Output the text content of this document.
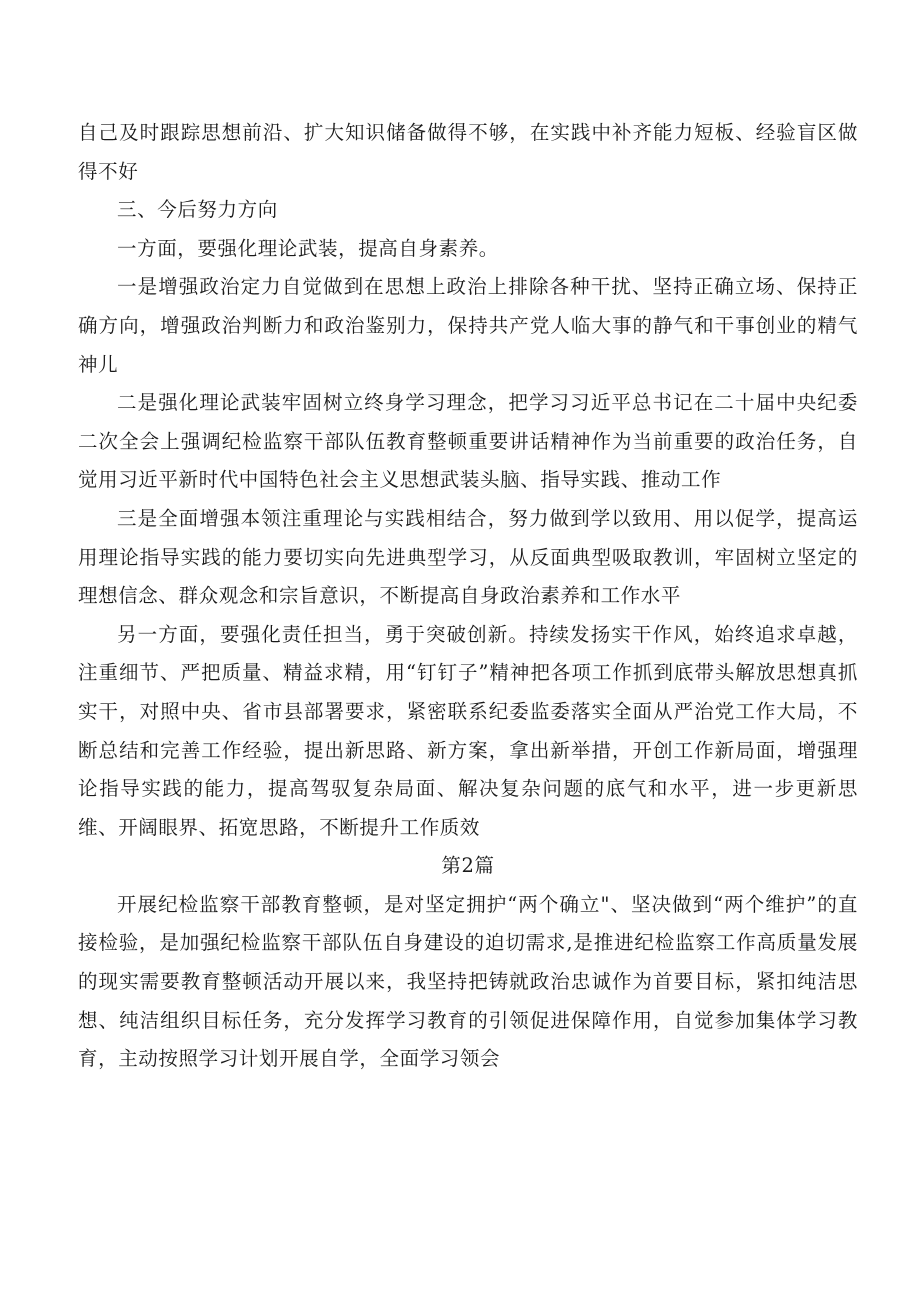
自己及时跟踪思想前沿、扩大知识储备做得不够，在实践中补齐能力短板、经验盲区做得不好

三、今后努力方向

一方面，要强化理论武装，提高自身素养。

一是增强政治定力自觉做到在思想上政治上排除各种干扰、坚持正确立场、保持正确方向，增强政治判断力和政治鉴别力，保持共产党人临大事的静气和干事创业的精气神儿

二是强化理论武装牢固树立终身学习理念，把学习习近平总书记在二十届中央纪委二次全会上强调纪检监察干部队伍教育整顿重要讲话精神作为当前重要的政治任务，自觉用习近平新时代中国特色社会主义思想武装头脑、指导实践、推动工作

三是全面增强本领注重理论与实践相结合，努力做到学以致用、用以促学，提高运用理论指导实践的能力要切实向先进典型学习，从反面典型吸取教训，牢固树立坚定的理想信念、群众观念和宗旨意识，不断提高自身政治素养和工作水平

另一方面，要强化责任担当，勇于突破创新。持续发扬实干作风，始终追求卓越，注重细节、严把质量、精益求精，用“钉钉子”精神把各项工作抓到底带头解放思想真抓实干，对照中央、省市县部署要求，紧密联系纪委监委落实全面从严治党工作大局，不断总结和完善工作经验，提出新思路、新方案，拿出新举措，开创工作新局面，增强理论指导实践的能力，提高驾驭复杂局面、解决复杂问题的底气和水平，进一步更新思维、开阔眼界、拓宽思路，不断提升工作质效

第2篇

开展纪检监察干部教育整顿，是对坚定拥护“两个确立"、坚决做到“两个维护”的直接检验，是加强纪检监察干部队伍自身建设的迫切需求,是推进纪检监察工作高质量发展的现实需要教育整顿活动开展以来，我坚持把铸就政治忠诚作为首要目标，紧扣纯洁思想、纯洁组织目标任务，充分发挥学习教育的引领促进保障作用，自觉参加集体学习教育，主动按照学习计划开展自学，全面学习领会
